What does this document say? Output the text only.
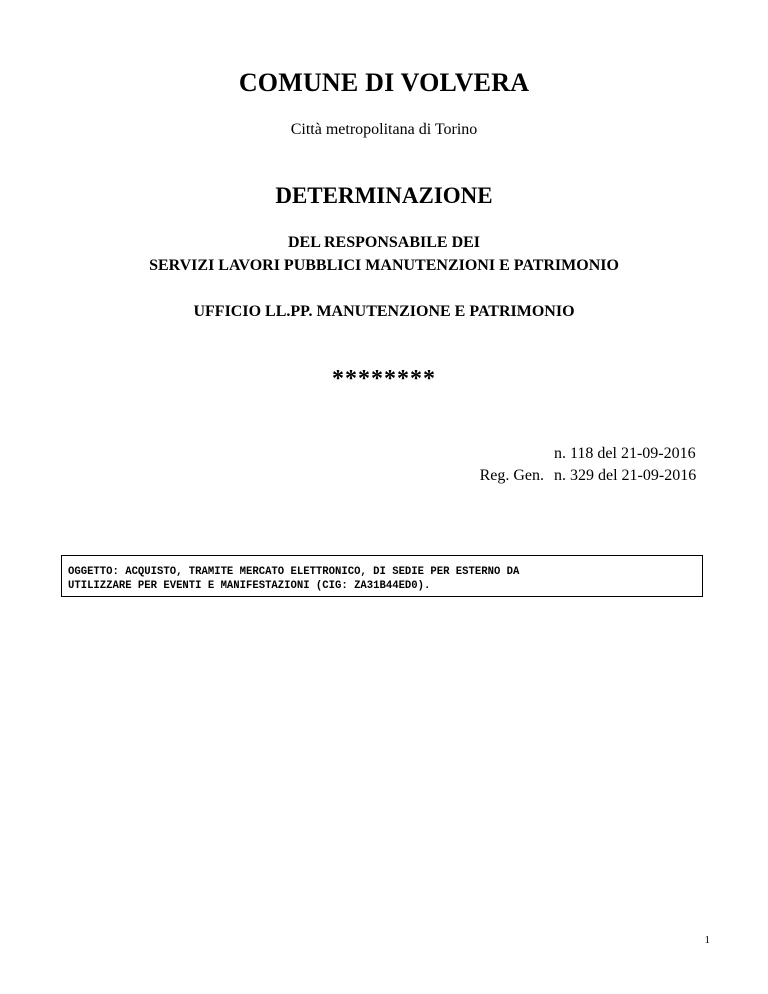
COMUNE DI VOLVERA
Città metropolitana di Torino
DETERMINAZIONE
DEL RESPONSABILE DEI
SERVIZI LAVORI PUBBLICI MANUTENZIONI E PATRIMONIO
UFFICIO LL.PP. MANUTENZIONE E PATRIMONIO
********
n. 118 del 21-09-2016
Reg. Gen. n. 329 del 21-09-2016
OGGETTO: ACQUISTO, TRAMITE MERCATO ELETTRONICO, DI SEDIE PER ESTERNO DA
UTILIZZARE PER EVENTI E MANIFESTAZIONI (CIG: ZA31B44ED0).
1
